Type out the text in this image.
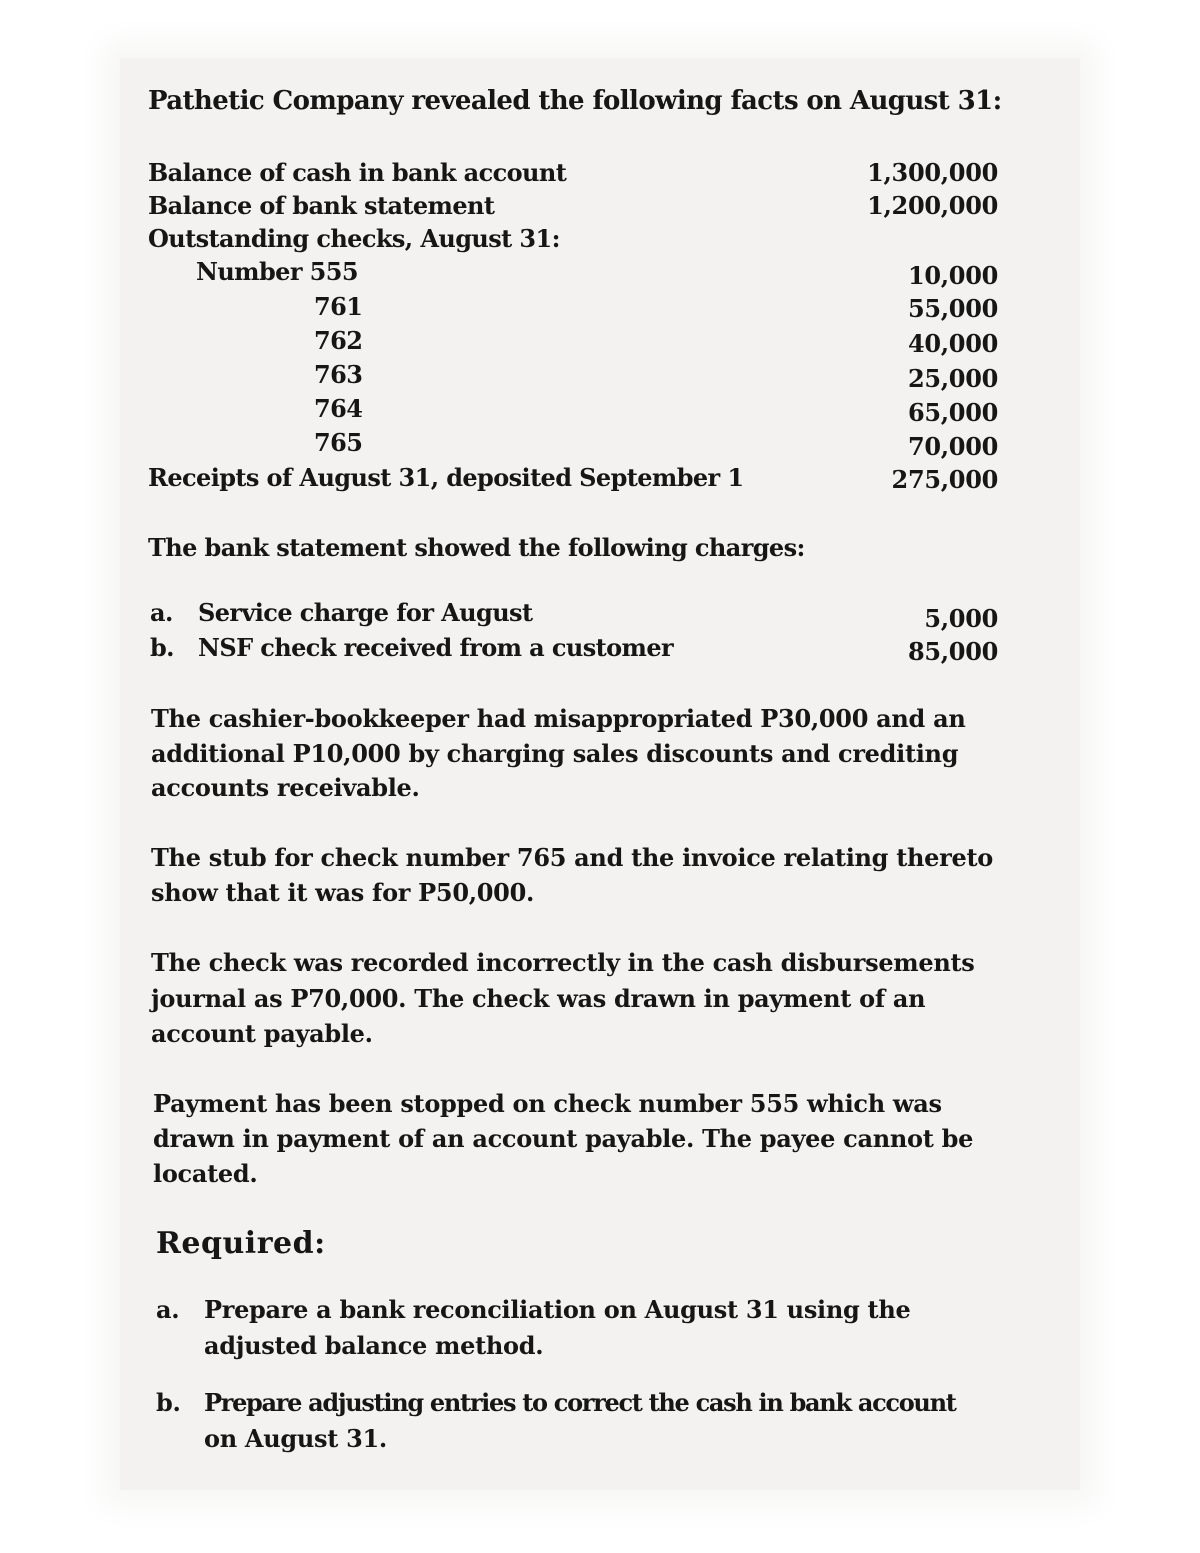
Pathetic Company revealed the following facts on August 31:
Balance of cash in bank account	1,300,000
Balance of bank statement	1,200,000
Outstanding checks, August 31:
Number 555	10,000
761	55,000
762	40,000
763	25,000
764	65,000
765	70,000
Receipts of August 31, deposited September 1	275,000
The bank statement showed the following charges:
a. Service charge for August	5,000
b. NSF check received from a customer	85,000
The cashier-bookkeeper had misappropriated P30,000 and an
additional P10,000 by charging sales discounts and crediting
accounts receivable.
The stub for check number 765 and the invoice relating thereto
show that it was for P50,000.
The check was recorded incorrectly in the cash disbursements
journal as P70,000. The check was drawn in payment of an
account payable.
Payment has been stopped on check number 555 which was
drawn in payment of an account payable. The payee cannot be
located.
Required:
a. Prepare a bank reconciliation on August 31 using the
adjusted balance method.
b. Prepare adjusting entries to correct the cash in bank account
on August 31.
